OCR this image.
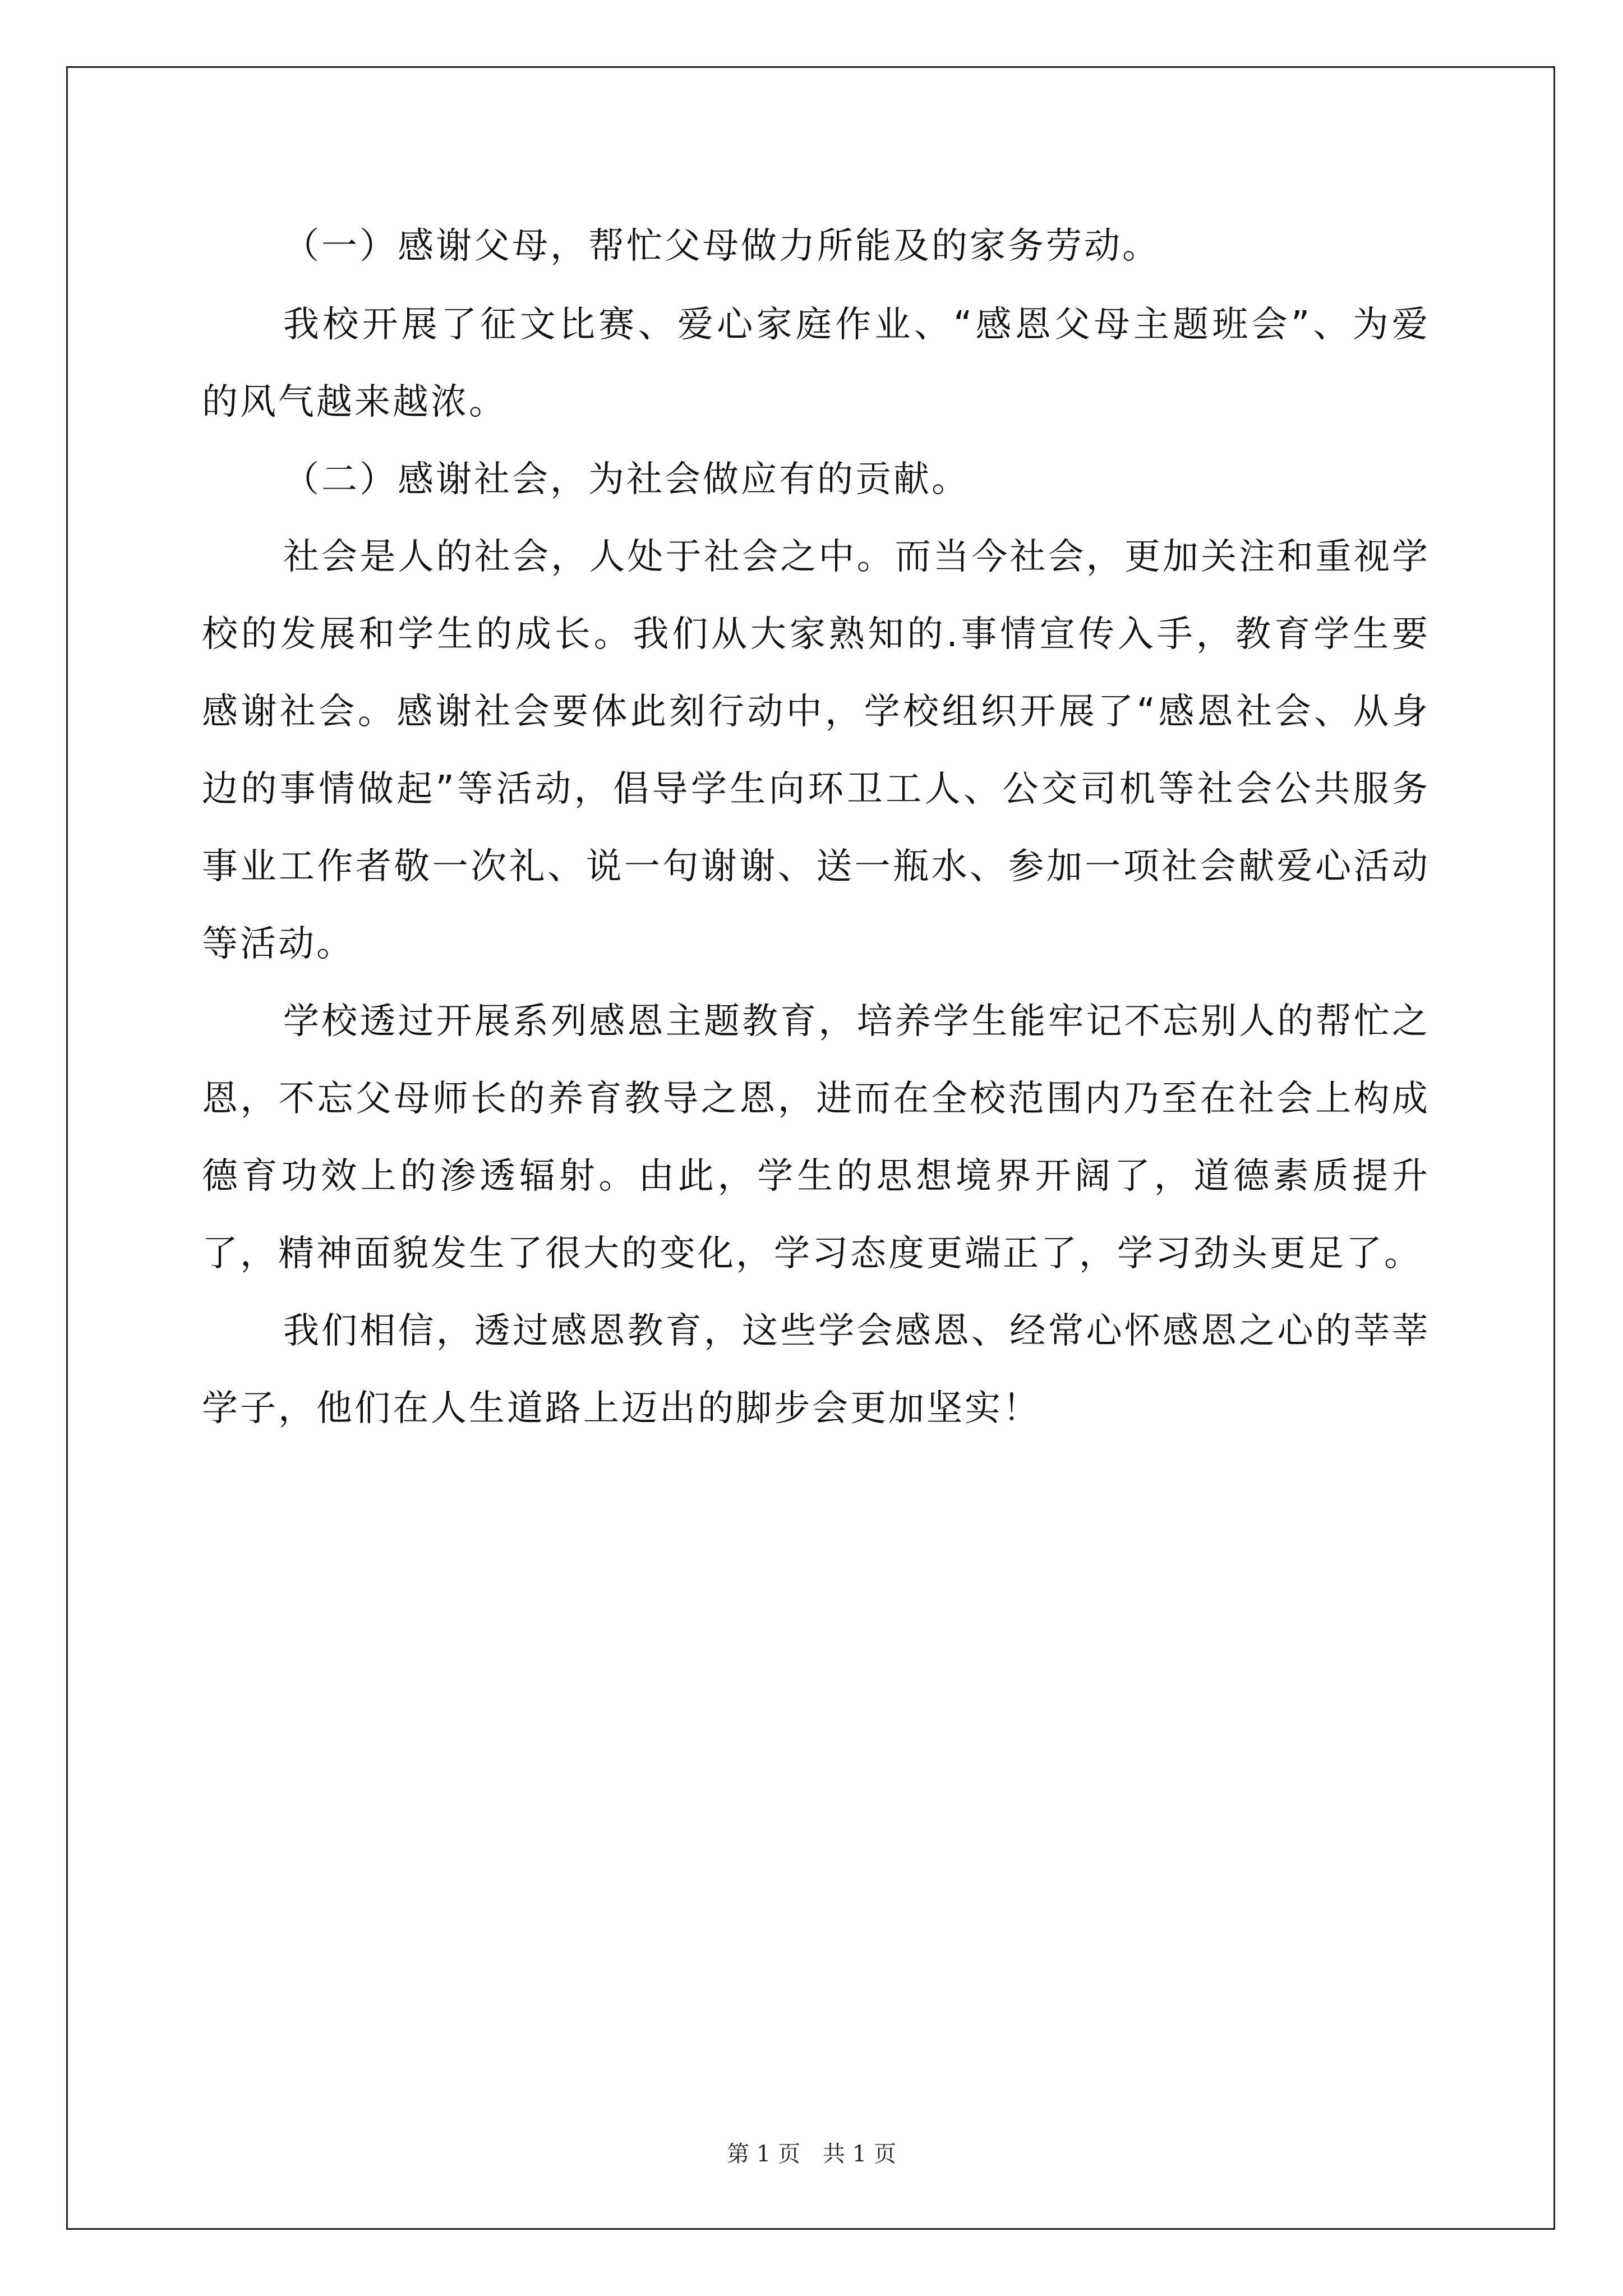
（一）感谢父母，帮忙父母做力所能及的家务劳动。

我校开展了征文比赛、爱心家庭作业、“感恩父母主题班会”、为爱的风气越来越浓。

（二）感谢社会，为社会做应有的贡献。

社会是人的社会，人处于社会之中。而当今社会，更加关注和重视学校的发展和学生的成长。我们从大家熟知的.事情宣传入手，教育学生要感谢社会。感谢社会要体此刻行动中，学校组织开展了“感恩社会、从身边的事情做起”等活动，倡导学生向环卫工人、公交司机等社会公共服务事业工作者敬一次礼、说一句谢谢、送一瓶水、参加一项社会献爱心活动等活动。

学校透过开展系列感恩主题教育，培养学生能牢记不忘别人的帮忙之恩，不忘父母师长的养育教导之恩，进而在全校范围内乃至在社会上构成德育功效上的渗透辐射。由此，学生的思想境界开阔了，道德素质提升了，精神面貌发生了很大的变化，学习态度更端正了，学习劲头更足了。

我们相信，透过感恩教育，这些学会感恩、经常心怀感恩之心的莘莘学子，他们在人生道路上迈出的脚步会更加坚实！

第 1 页　共 1 页
